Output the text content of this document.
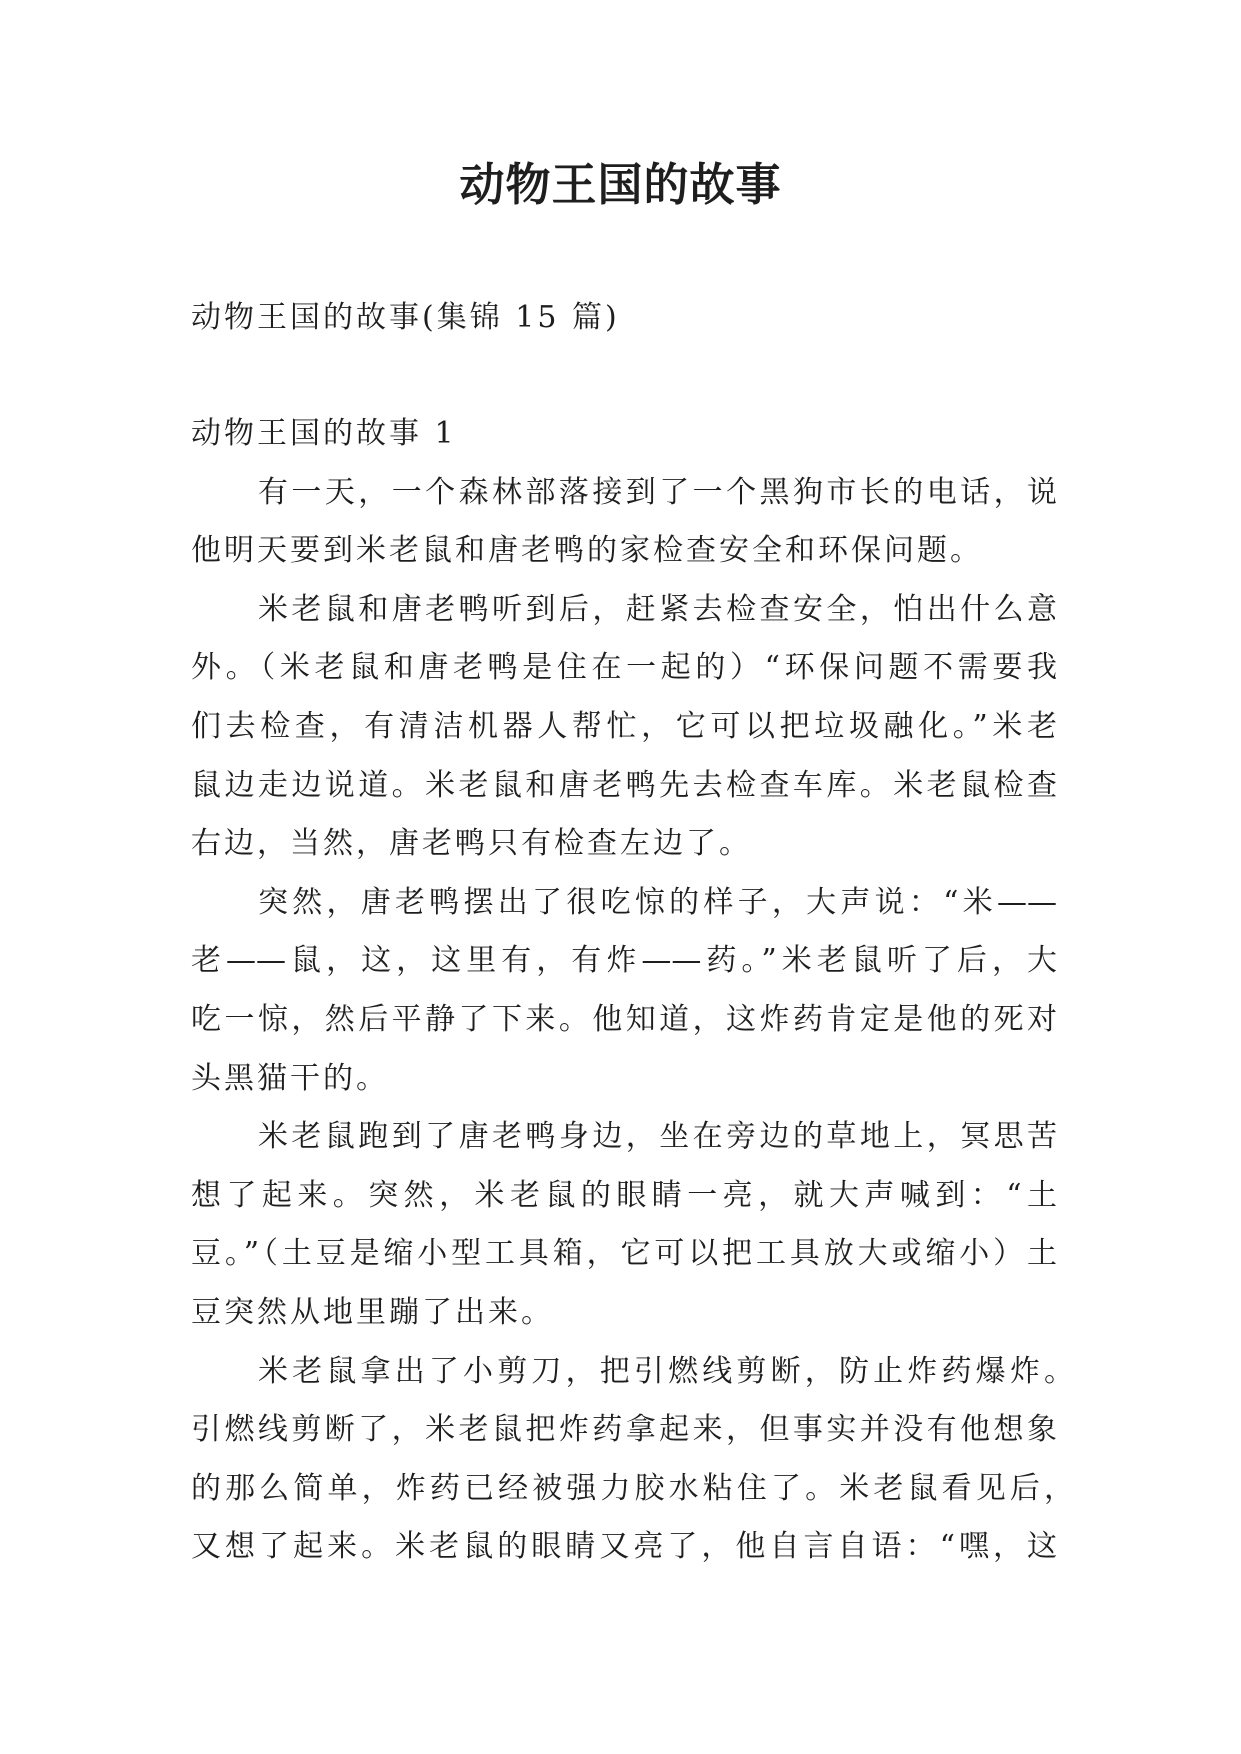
动物王国的故事
动物王国的故事(集锦 15 篇)
动物王国的故事 1
有一天，一个森林部落接到了一个黑狗市长的电话，说
他明天要到米老鼠和唐老鸭的家检查安全和环保问题。
米老鼠和唐老鸭听到后，赶紧去检查安全，怕出什么意
外。（米老鼠和唐老鸭是住在一起的）“环保问题不需要我
们去检查，有清洁机器人帮忙，它可以把垃圾融化。”米老
鼠边走边说道。米老鼠和唐老鸭先去检查车库。米老鼠检查
右边，当然，唐老鸭只有检查左边了。
突然，唐老鸭摆出了很吃惊的样子，大声说：“米——
老——鼠，这，这里有，有炸——药。”米老鼠听了后，大
吃一惊，然后平静了下来。他知道，这炸药肯定是他的死对
头黑猫干的。
米老鼠跑到了唐老鸭身边，坐在旁边的草地上，冥思苦
想了起来。突然，米老鼠的眼睛一亮，就大声喊到：“土
豆。”（土豆是缩小型工具箱，它可以把工具放大或缩小）土
豆突然从地里蹦了出来。
米老鼠拿出了小剪刀，把引燃线剪断，防止炸药爆炸。
引燃线剪断了，米老鼠把炸药拿起来，但事实并没有他想象
的那么简单，炸药已经被强力胶水粘住了。米老鼠看见后，
又想了起来。米老鼠的眼睛又亮了，他自言自语：“嘿，这
